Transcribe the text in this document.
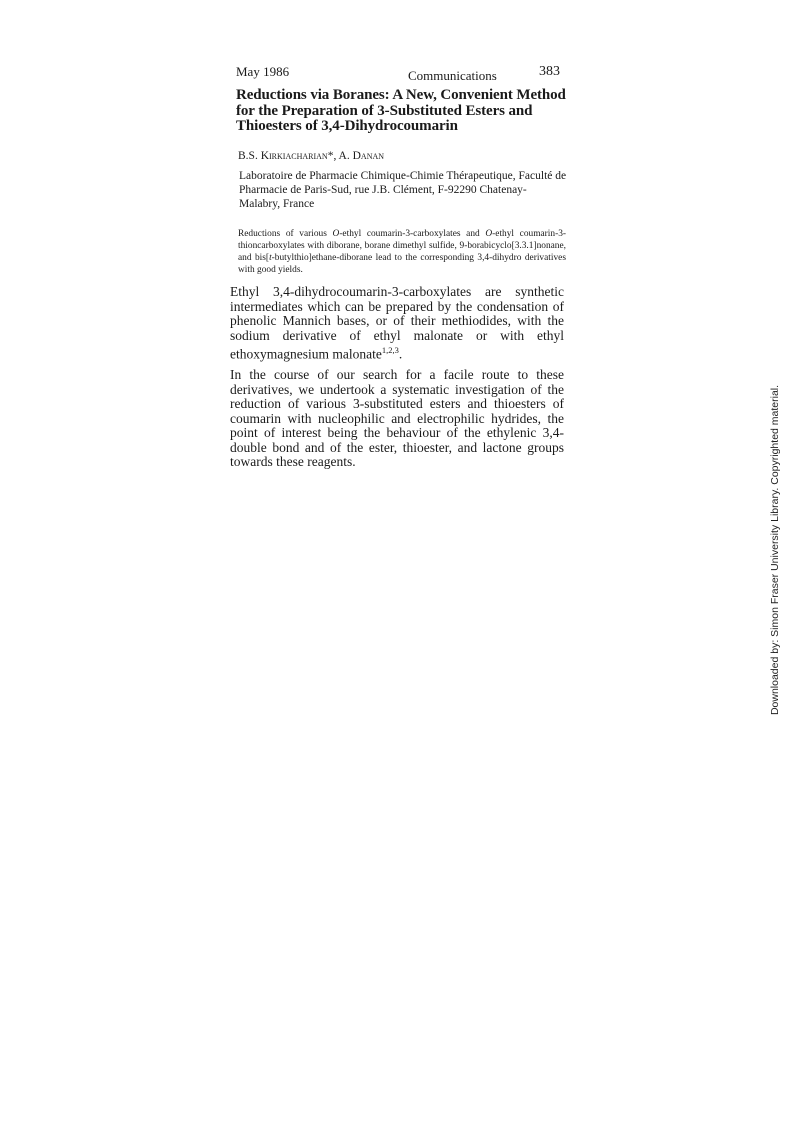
May 1986	Communications	383
Reductions via Boranes: A New, Convenient Method for the Preparation of 3-Substituted Esters and Thioesters of 3,4-Dihydrocoumarin
B.S. Kirkiacharian*, A. Danan
Laboratoire de Pharmacie Chimique-Chimie Thérapeutique, Faculté de Pharmacie de Paris-Sud, rue J.B. Clément, F-92290 Chatenay-Malabry, France
Reductions of various O-ethyl coumarin-3-carboxylates and O-ethyl coumarin-3-thioncarboxylates with diborane, borane dimethyl sulfide, 9-borabicyclo[3.3.1]nonane, and bis[t-butylthio]ethane-diborane lead to the corresponding 3,4-dihydro derivatives with good yields.
Ethyl 3,4-dihydrocoumarin-3-carboxylates are synthetic intermediates which can be prepared by the condensation of phenolic Mannich bases, or of their methiodides, with the sodium derivative of ethyl malonate or with ethyl ethoxymagnesium malonate$^{1,2,3}$.
In the course of our search for a facile route to these derivatives, we undertook a systematic investigation of the reduction of various 3-substituted esters and thioesters of coumarin with nucleophilic and electrophilic hydrides, the point of interest being the behaviour of the ethylenic 3,4-double bond and of the ester, thioester, and lactone groups towards these reagents.	Downloaded by: Simon Fraser University Library. Copyrighted material.
